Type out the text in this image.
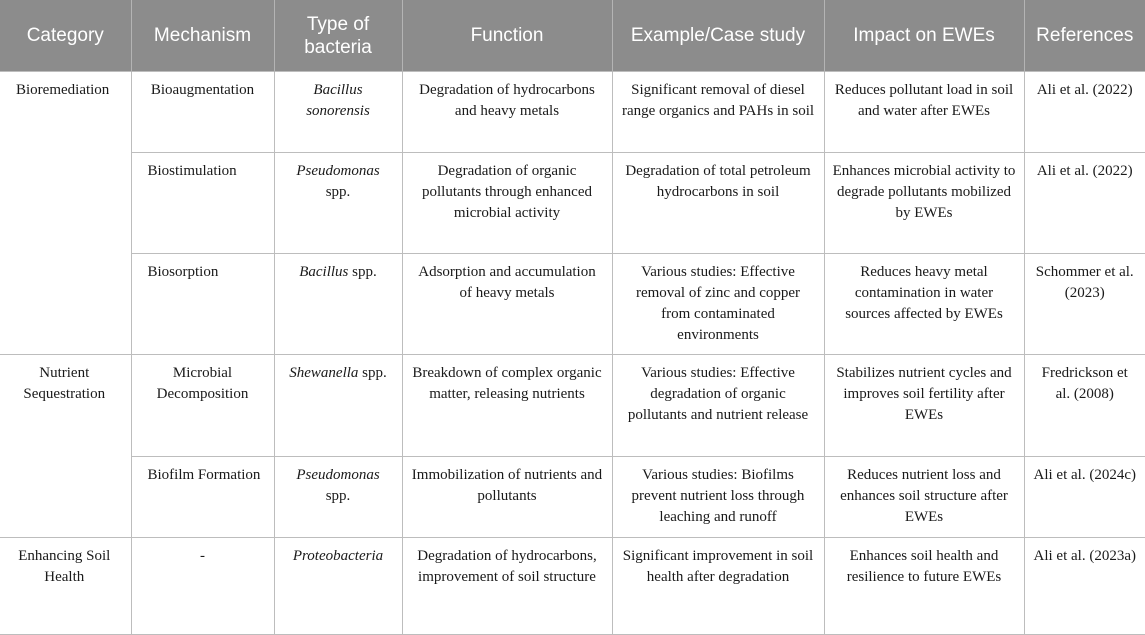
Category	Mechanism	Type of bacteria	Function	Example/Case study	Impact on EWEs	References
Bioremediation	Bioaugmentation	Bacillus sonorensis	Degradation of hydrocarbons and heavy metals	Significant removal of diesel range organics and PAHs in soil	Reduces pollutant load in soil and water after EWEs	Ali et al. (2022)
	Biostimulation	Pseudomonas spp.	Degradation of organic pollutants through enhanced microbial activity	Degradation of total petroleum hydrocarbons in soil	Enhances microbial activity to degrade pollutants mobilized by EWEs	Ali et al. (2022)
	Biosorption	Bacillus spp.	Adsorption and accumulation of heavy metals	Various studies: Effective removal of zinc and copper from contaminated environments	Reduces heavy metal contamination in water sources affected by EWEs	Schommer et al. (2023)
Nutrient Sequestration	Microbial Decomposition	Shewanella spp.	Breakdown of complex organic matter, releasing nutrients	Various studies: Effective degradation of organic pollutants and nutrient release	Stabilizes nutrient cycles and improves soil fertility after EWEs	Fredrickson et al. (2008)
	Biofilm Formation	Pseudomonas spp.	Immobilization of nutrients and pollutants	Various studies: Biofilms prevent nutrient loss through leaching and runoff	Reduces nutrient loss and enhances soil structure after EWEs	Ali et al. (2024c)
Enhancing Soil Health	-	Proteobacteria	Degradation of hydrocarbons, improvement of soil structure	Significant improvement in soil health after degradation	Enhances soil health and resilience to future EWEs	Ali et al. (2023a)
